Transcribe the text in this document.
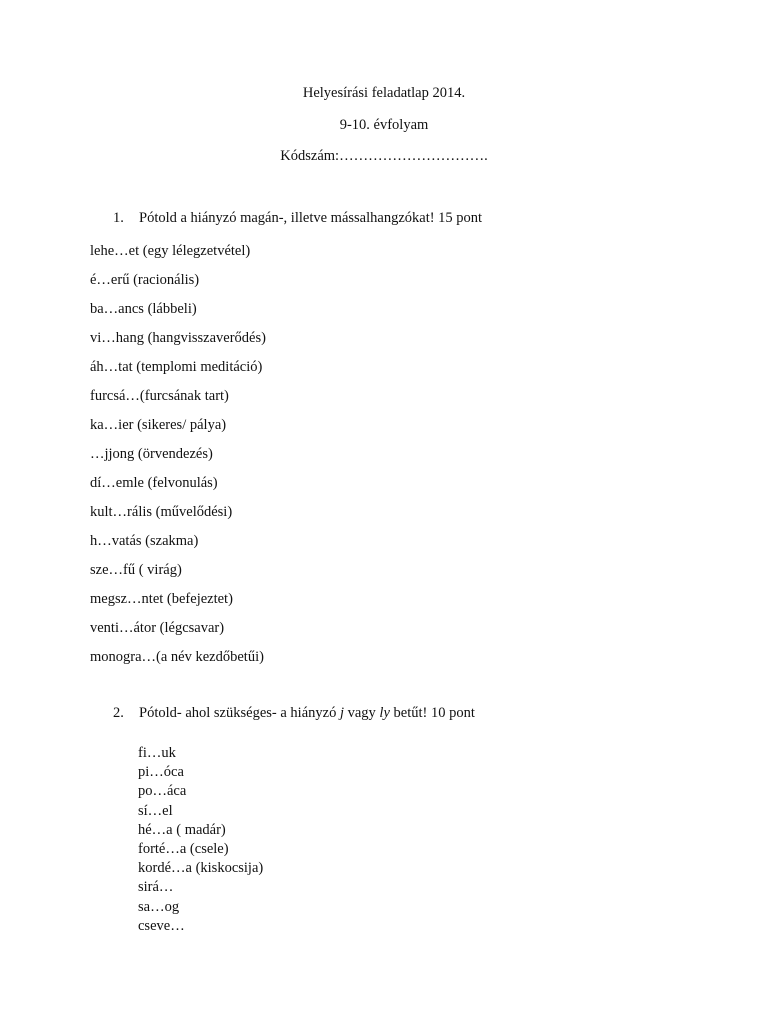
Helyesírási feladatlap 2014.
9-10. évfolyam
Kódszám:………………………….
1. Pótold a hiányzó magán-, illetve mássalhangzókat! 15 pont
lehe…et (egy lélegzetvétel)
é…erű (racionális)
ba…ancs (lábbeli)
vi…hang (hangvisszaverődés)
áh…tat (templomi meditáció)
furcsá…(furcsának tart)
ka…ier (sikeres/ pálya)
…jjong (örvendezés)
dí…emle (felvonulás)
kult…rális (művelődési)
h…vatás (szakma)
sze…fű ( virág)
megsz…ntet (befejeztet)
venti…átor (légcsavar)
monogra…(a név kezdőbetűi)
2. Pótold- ahol szükséges- a hiányzó j vagy ly betűt! 10 pont
fi…uk
pi…óca
po…áca
sí…el
hé…a ( madár)
forté…a (csele)
kordé…a (kiskocsija)
sirá…
sa…og
cseve…
